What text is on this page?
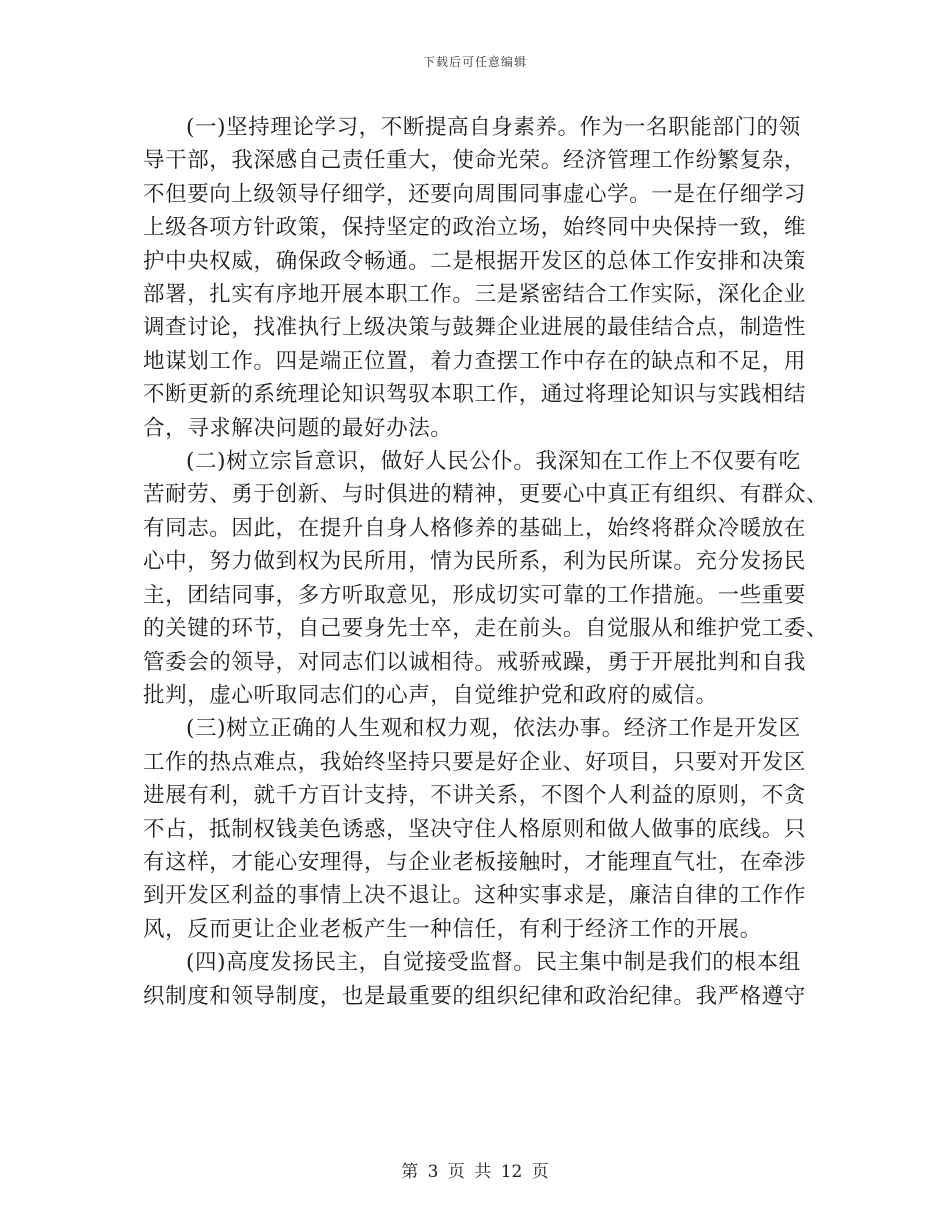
下载后可任意编辑

(一)坚持理论学习，不断提高自身素养。作为一名职能部门的领
导干部，我深感自己责任重大，使命光荣。经济管理工作纷繁复杂，
不但要向上级领导仔细学，还要向周围同事虚心学。一是在仔细学习
上级各项方针政策，保持坚定的政治立场，始终同中央保持一致，维
护中央权威，确保政令畅通。二是根据开发区的总体工作安排和决策
部署，扎实有序地开展本职工作。三是紧密结合工作实际，深化企业
调查讨论，找准执行上级决策与鼓舞企业进展的最佳结合点，制造性
地谋划工作。四是端正位置，着力查摆工作中存在的缺点和不足，用
不断更新的系统理论知识驾驭本职工作，通过将理论知识与实践相结
合，寻求解决问题的最好办法。

(二)树立宗旨意识，做好人民公仆。我深知在工作上不仅要有吃
苦耐劳、勇于创新、与时俱进的精神，更要心中真正有组织、有群众、
有同志。因此，在提升自身人格修养的基础上，始终将群众冷暖放在
心中，努力做到权为民所用，情为民所系，利为民所谋。充分发扬民
主，团结同事，多方听取意见，形成切实可靠的工作措施。一些重要
的关键的环节，自己要身先士卒，走在前头。自觉服从和维护党工委、
管委会的领导，对同志们以诚相待。戒骄戒躁，勇于开展批判和自我
批判，虚心听取同志们的心声，自觉维护党和政府的威信。

(三)树立正确的人生观和权力观，依法办事。经济工作是开发区
工作的热点难点，我始终坚持只要是好企业、好项目，只要对开发区
进展有利，就千方百计支持，不讲关系，不图个人利益的原则，不贪
不占，抵制权钱美色诱惑，坚决守住人格原则和做人做事的底线。只
有这样，才能心安理得，与企业老板接触时，才能理直气壮，在牵涉
到开发区利益的事情上决不退让。这种实事求是，廉洁自律的工作作
风，反而更让企业老板产生一种信任，有利于经济工作的开展。

(四)高度发扬民主，自觉接受监督。民主集中制是我们的根本组
织制度和领导制度，也是最重要的组织纪律和政治纪律。我严格遵守

第 3 页 共 12 页
